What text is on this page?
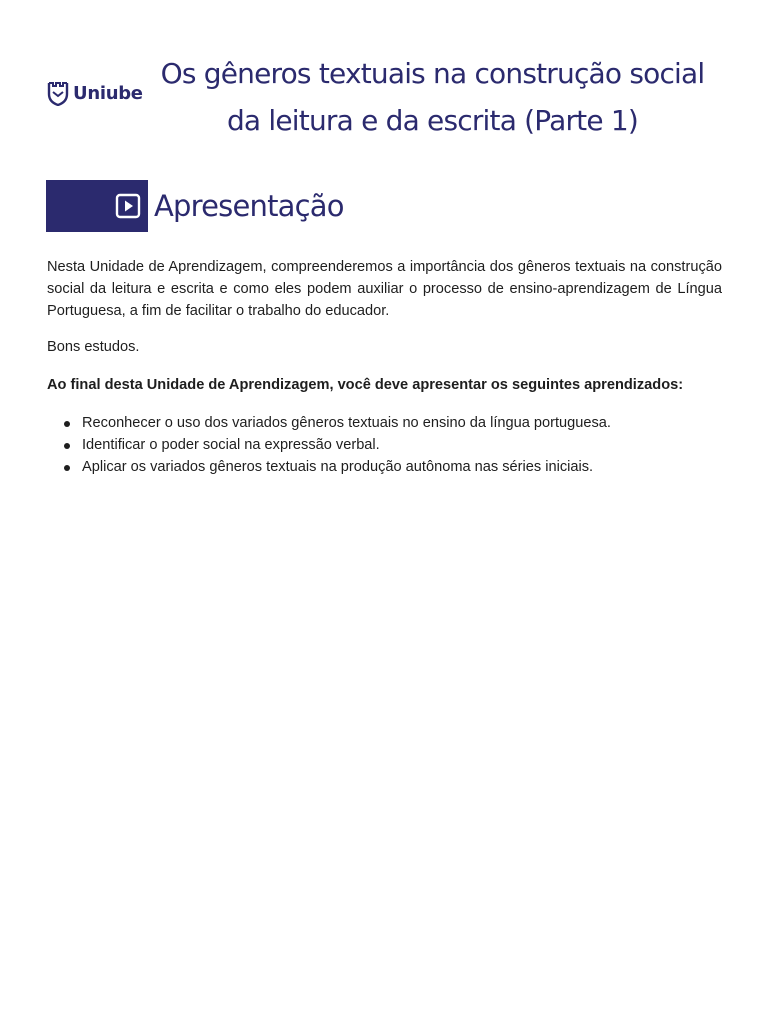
Uniube
Os gêneros textuais na construção social da leitura e da escrita (Parte 1)
Apresentação

Nesta Unidade de Aprendizagem, compreenderemos a importância dos gêneros textuais na construção social da leitura e escrita e como eles podem auxiliar o processo de ensino-aprendizagem de Língua Portuguesa, a fim de facilitar o trabalho do educador.

Bons estudos.

Ao final desta Unidade de Aprendizagem, você deve apresentar os seguintes aprendizados:

Reconhecer o uso dos variados gêneros textuais no ensino da língua portuguesa.
Identificar o poder social na expressão verbal.
Aplicar os variados gêneros textuais na produção autônoma nas séries iniciais.
